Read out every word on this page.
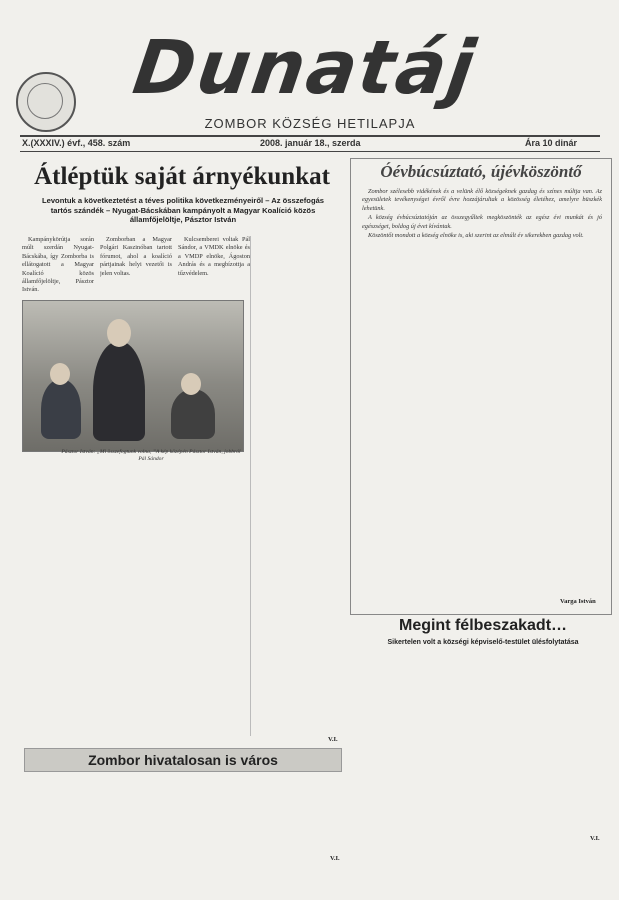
Dunatáj
ZOMBOR KÖZSÉG HETILAPJA
X.(XXXIV.) évf., 458. szám	2008. január 18., szerda	Ára 10 dinár
Átléptük saját árnyékunkat
Levontuk a következtetést a téves politika következményeiről – Az összefogás tartós szándék – Nyugat-Bácskában kampányolt a Magyar Koalíció közös államfőjelöltje, Pásztor István

Kampánykörútja során múlt szerdán Nyugat-Bácskába, így Zomborba is ellátogatott a Magyar Koalíció közös államfőjelöltje, Pásztor István.

Zomborban a Magyar Polgári Kaszinóban tartott fórumot, ahol a koalíció pártjainak helyi vezetői is jelen voltas.

Kulcsemberei voltak Pál Sándor, a VMDK elnöke és a VMDP elnöke, Ágoston András és a megbízottja a tűzvédelem.

Pásztor István: „Mi összefogtunk volna, ”A kép középén Pásztor István, jobbról Pál Sándor
V.I.
Óévbúcsúztató, újévköszöntő

Zombor szélesebb vidékének és a velünk élő községeknek gazdag és színes múltja van. Az egyesületek tevékenységei évről évre hozzájárultak a közösség életéhez, amelyre büszkék lehetünk.

A község évbúcsúztatóján az összegyűltek megköszönték az egész évi munkát és jó egészséget, boldog új évet kívántak.

Köszöntőt mondott a község elnöke is, aki szerint az elmúlt év sikerekben gazdag volt.

Varga István
Megint félbeszakadt…
Sikertelen volt a községi képviselő-testület ülésfolytatása
V.I.
Zombor hivatalosan is város
V.I.
